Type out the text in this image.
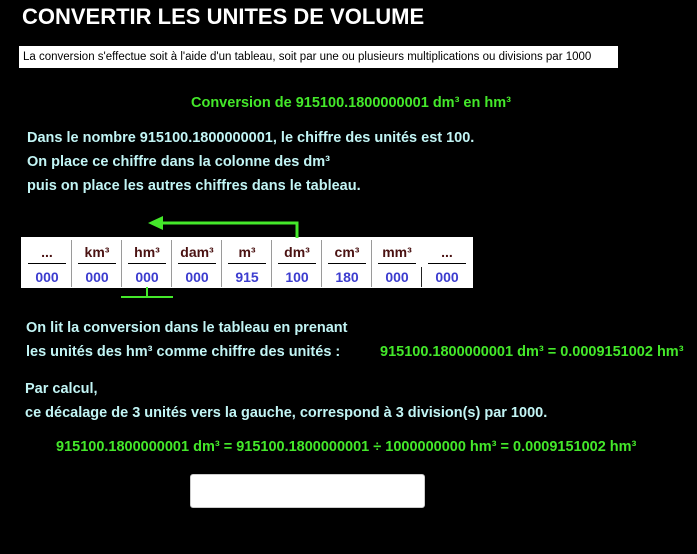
CONVERTIR LES UNITES DE VOLUME
La conversion s'effectue soit à l'aide d'un tableau, soit par une ou plusieurs multiplications ou divisions par 1000
Conversion de 915100.1800000001 dm³ en hm³
Dans le nombre 915100.1800000001, le chiffre des unités est 100.
On place ce chiffre dans la colonne des dm³
puis on place les autres chiffres dans le tableau.
...
000
km³
000
hm³
000
dam³
000
m³
915
dm³
100
cm³
180
mm³
000
...
000
On lit la conversion dans le tableau en prenant
les unités des hm³ comme chiffre des unités :	915100.1800000001 dm³ = 0.0009151002 hm³
Par calcul,
ce décalage de 3 unités vers la gauche, correspond à 3 division(s) par 1000.
915100.1800000001 dm³ = 915100.1800000001 ÷ 1000000000 hm³ = 0.0009151002 hm³
